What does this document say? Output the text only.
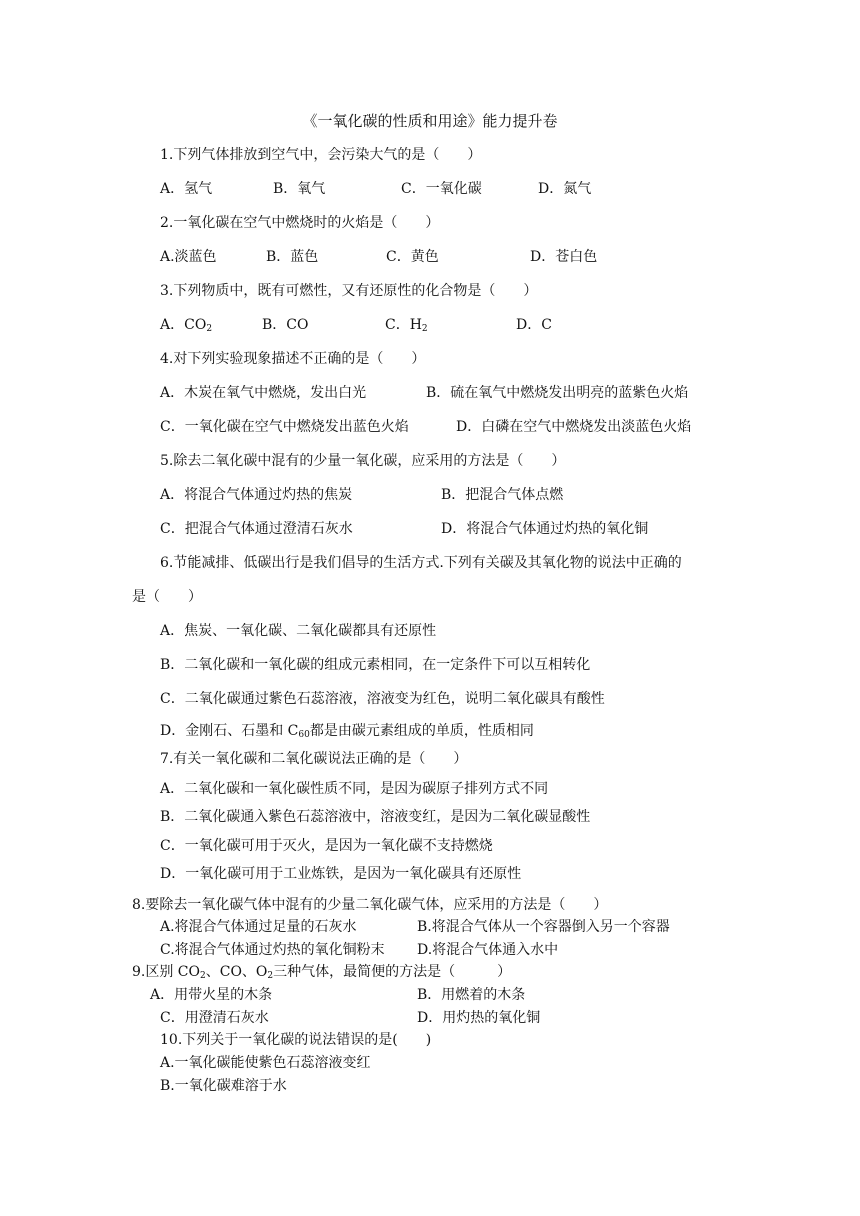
《一氧化碳的性质和用途》能力提升卷
1.下列气体排放到空气中，会污染大气的是（　　）
A．氢气	B．氧气	C．一氧化碳	D．氮气
2.一氧化碳在空气中燃烧时的火焰是（　　）
A.淡蓝色	B．蓝色	C．黄色	D．苍白色
3.下列物质中，既有可燃性，又有还原性的化合物是（　　）
A．$CO_2$	B．CO	C．$H_2$	D．C
4.对下列实验现象描述不正确的是（　　）
A．木炭在氧气中燃烧，发出白光	B．硫在氧气中燃烧发出明亮的蓝紫色火焰
C．一氧化碳在空气中燃烧发出蓝色火焰	D．白磷在空气中燃烧发出淡蓝色火焰
5.除去二氧化碳中混有的少量一氧化碳，应采用的方法是（　　）
A．将混合气体通过灼热的焦炭	B．把混合气体点燃
C．把混合气体通过澄清石灰水	D．将混合气体通过灼热的氧化铜
6.节能减排、低碳出行是我们倡导的生活方式.下列有关碳及其氧化物的说法中正确的
是（　　）
A．焦炭、一氧化碳、二氧化碳都具有还原性
B．二氧化碳和一氧化碳的组成元素相同，在一定条件下可以互相转化
C．二氧化碳通过紫色石蕊溶液，溶液变为红色，说明二氧化碳具有酸性
D．金刚石、石墨和 $C_{60}$都是由碳元素组成的单质，性质相同
7.有关一氧化碳和二氧化碳说法正确的是（　　）
A．二氧化碳和一氧化碳性质不同，是因为碳原子排列方式不同
B．二氧化碳通入紫色石蕊溶液中，溶液变红，是因为二氧化碳显酸性
C．一氧化碳可用于灭火，是因为一氧化碳不支持燃烧
D．一氧化碳可用于工业炼铁，是因为一氧化碳具有还原性
8.要除去一氧化碳气体中混有的少量二氧化碳气体，应采用的方法是（　　）
A.将混合气体通过足量的石灰水	B.将混合气体从一个容器倒入另一个容器
C.将混合气体通过灼热的氧化铜粉末 D.将混合气体通入水中
9.区别 $CO_2$、CO、$O_2$三种气体，最简便的方法是（　　　）
A．用带火星的木条	B．用燃着的木条
C．用澄清石灰水	D．用灼热的氧化铜
10.下列关于一氧化碳的说法错误的是(　　)
A.一氧化碳能使紫色石蕊溶液变红
B.一氧化碳难溶于水
